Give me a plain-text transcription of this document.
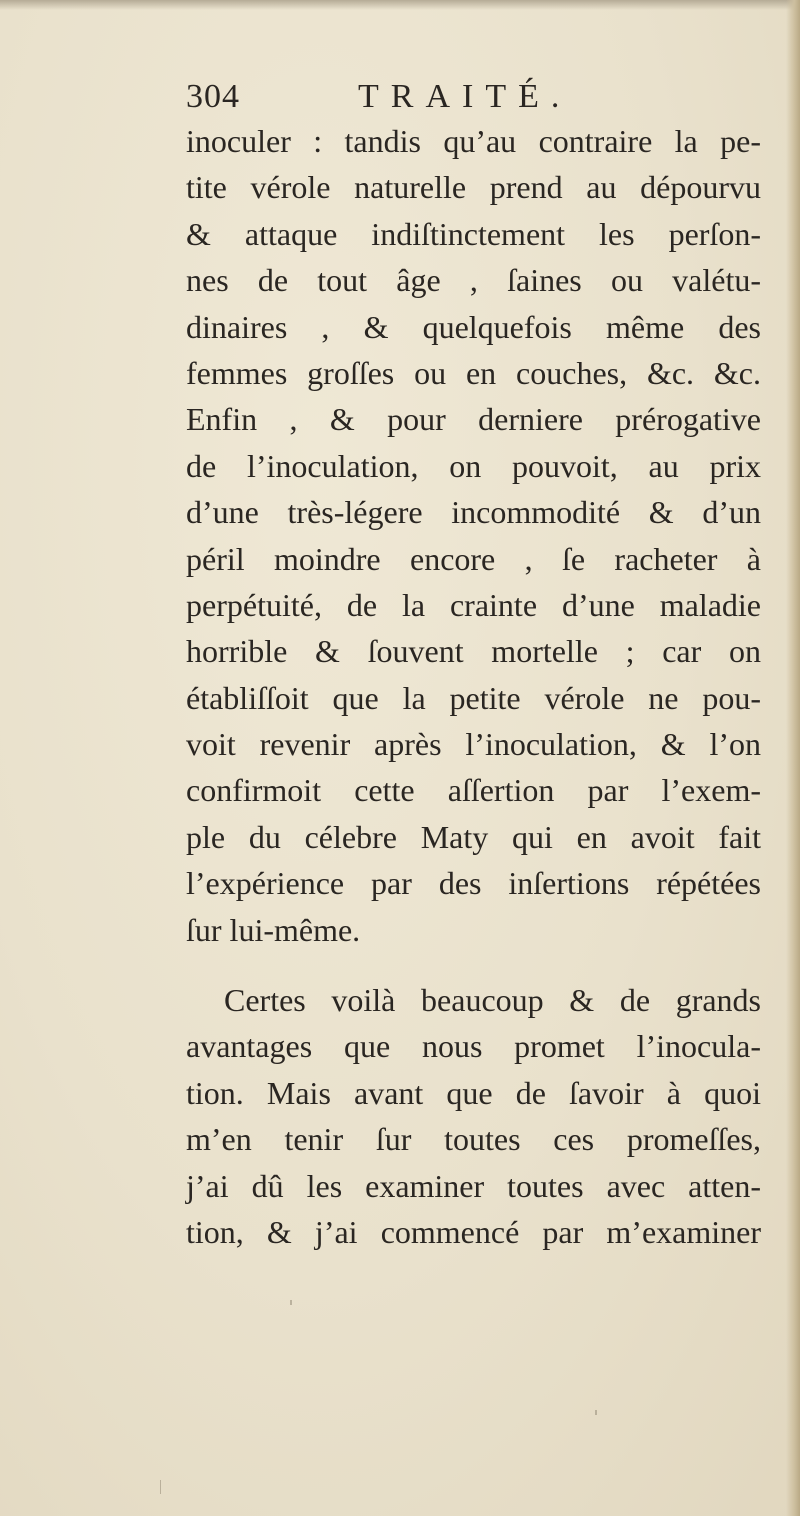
304	TRAITÉ.
inoculer : tandis qu’au contraire la pe-
tite vérole naturelle prend au dépourvu
& attaque indiſtinctement les perſon-
nes de tout âge , ſaines ou valétu-
dinaires , & quelquefois même des
femmes groſſes ou en couches, &c. &c.
Enfin , & pour derniere prérogative
de l’inoculation, on pouvoit, au prix
d’une très-légere incommodité & d’un
péril moindre encore , ſe racheter à
perpétuité, de la crainte d’une maladie
horrible & ſouvent mortelle ; car on
établiſſoit que la petite vérole ne pou-
voit revenir après l’inoculation, & l’on
confirmoit cette aſſertion par l’exem-
ple du célebre Maty qui en avoit fait
l’expérience par des inſertions répétées
ſur lui-même.
Certes voilà beaucoup & de grands
avantages que nous promet l’inocula-
tion. Mais avant que de ſavoir à quoi
m’en tenir ſur toutes ces promeſſes,
j’ai dû les examiner toutes avec atten-
tion, & j’ai commencé par m’examiner
